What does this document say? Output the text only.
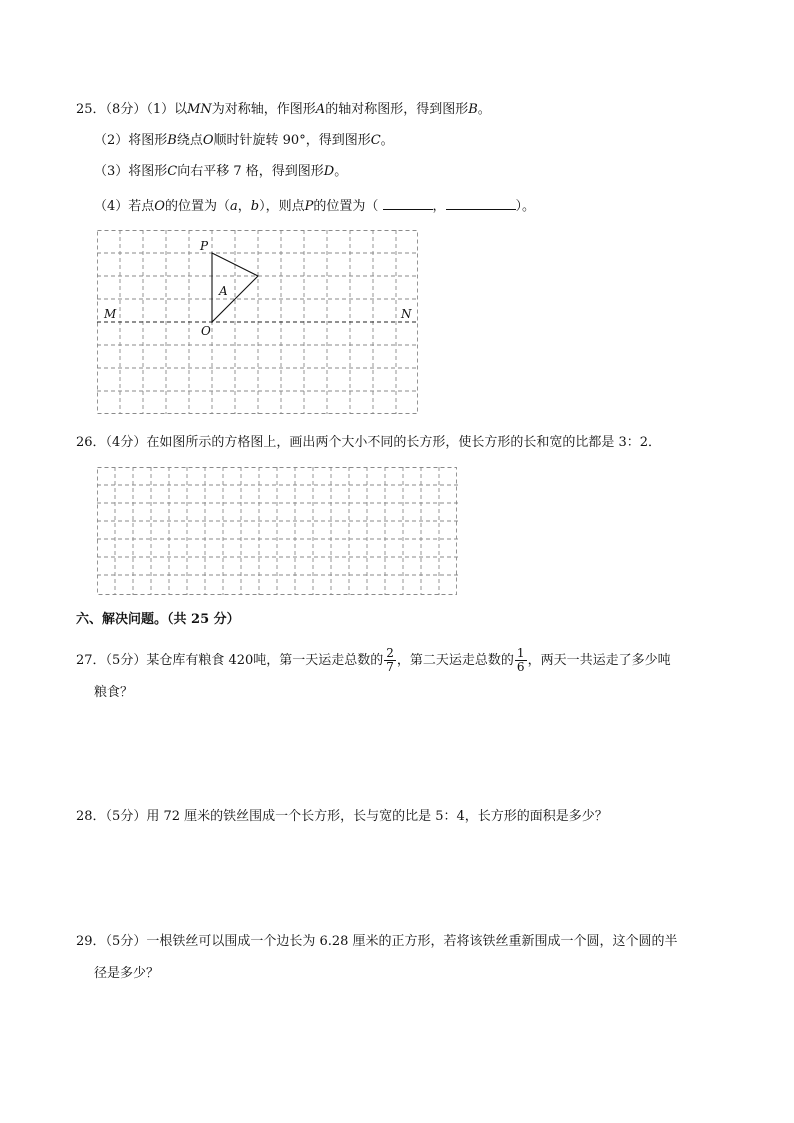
25．（8分）（1）以MN为对称轴，作图形A的轴对称图形，得到图形B。
（2）将图形B绕点O顺时针旋转 90°，得到图形C。
（3）将图形C向右平移 7 格，得到图形D。
（4）若点O的位置为（a，b），则点P的位置为（	，	）。
P
A
O
M	N
26．（4分）在如图所示的方格图上，画出两个大小不同的长方形，使长方形的长和宽的比都是 3：2．
六、解决问题。（共 25 分）
27．（5分）某仓库有粮食 420吨，第一天运走总数的 $\frac{2}{7}$ ，第二天运走总数的 $\frac{1}{6}$ ，两天一共运走了多少吨
粮食？
28．（5分）用 72 厘米的铁丝围成一个长方形，长与宽的比是 5：4，长方形的面积是多少？
29．（5分）一根铁丝可以围成一个边长为 6.28 厘米的正方形，若将该铁丝重新围成一个圆，这个圆的半
径是多少？
